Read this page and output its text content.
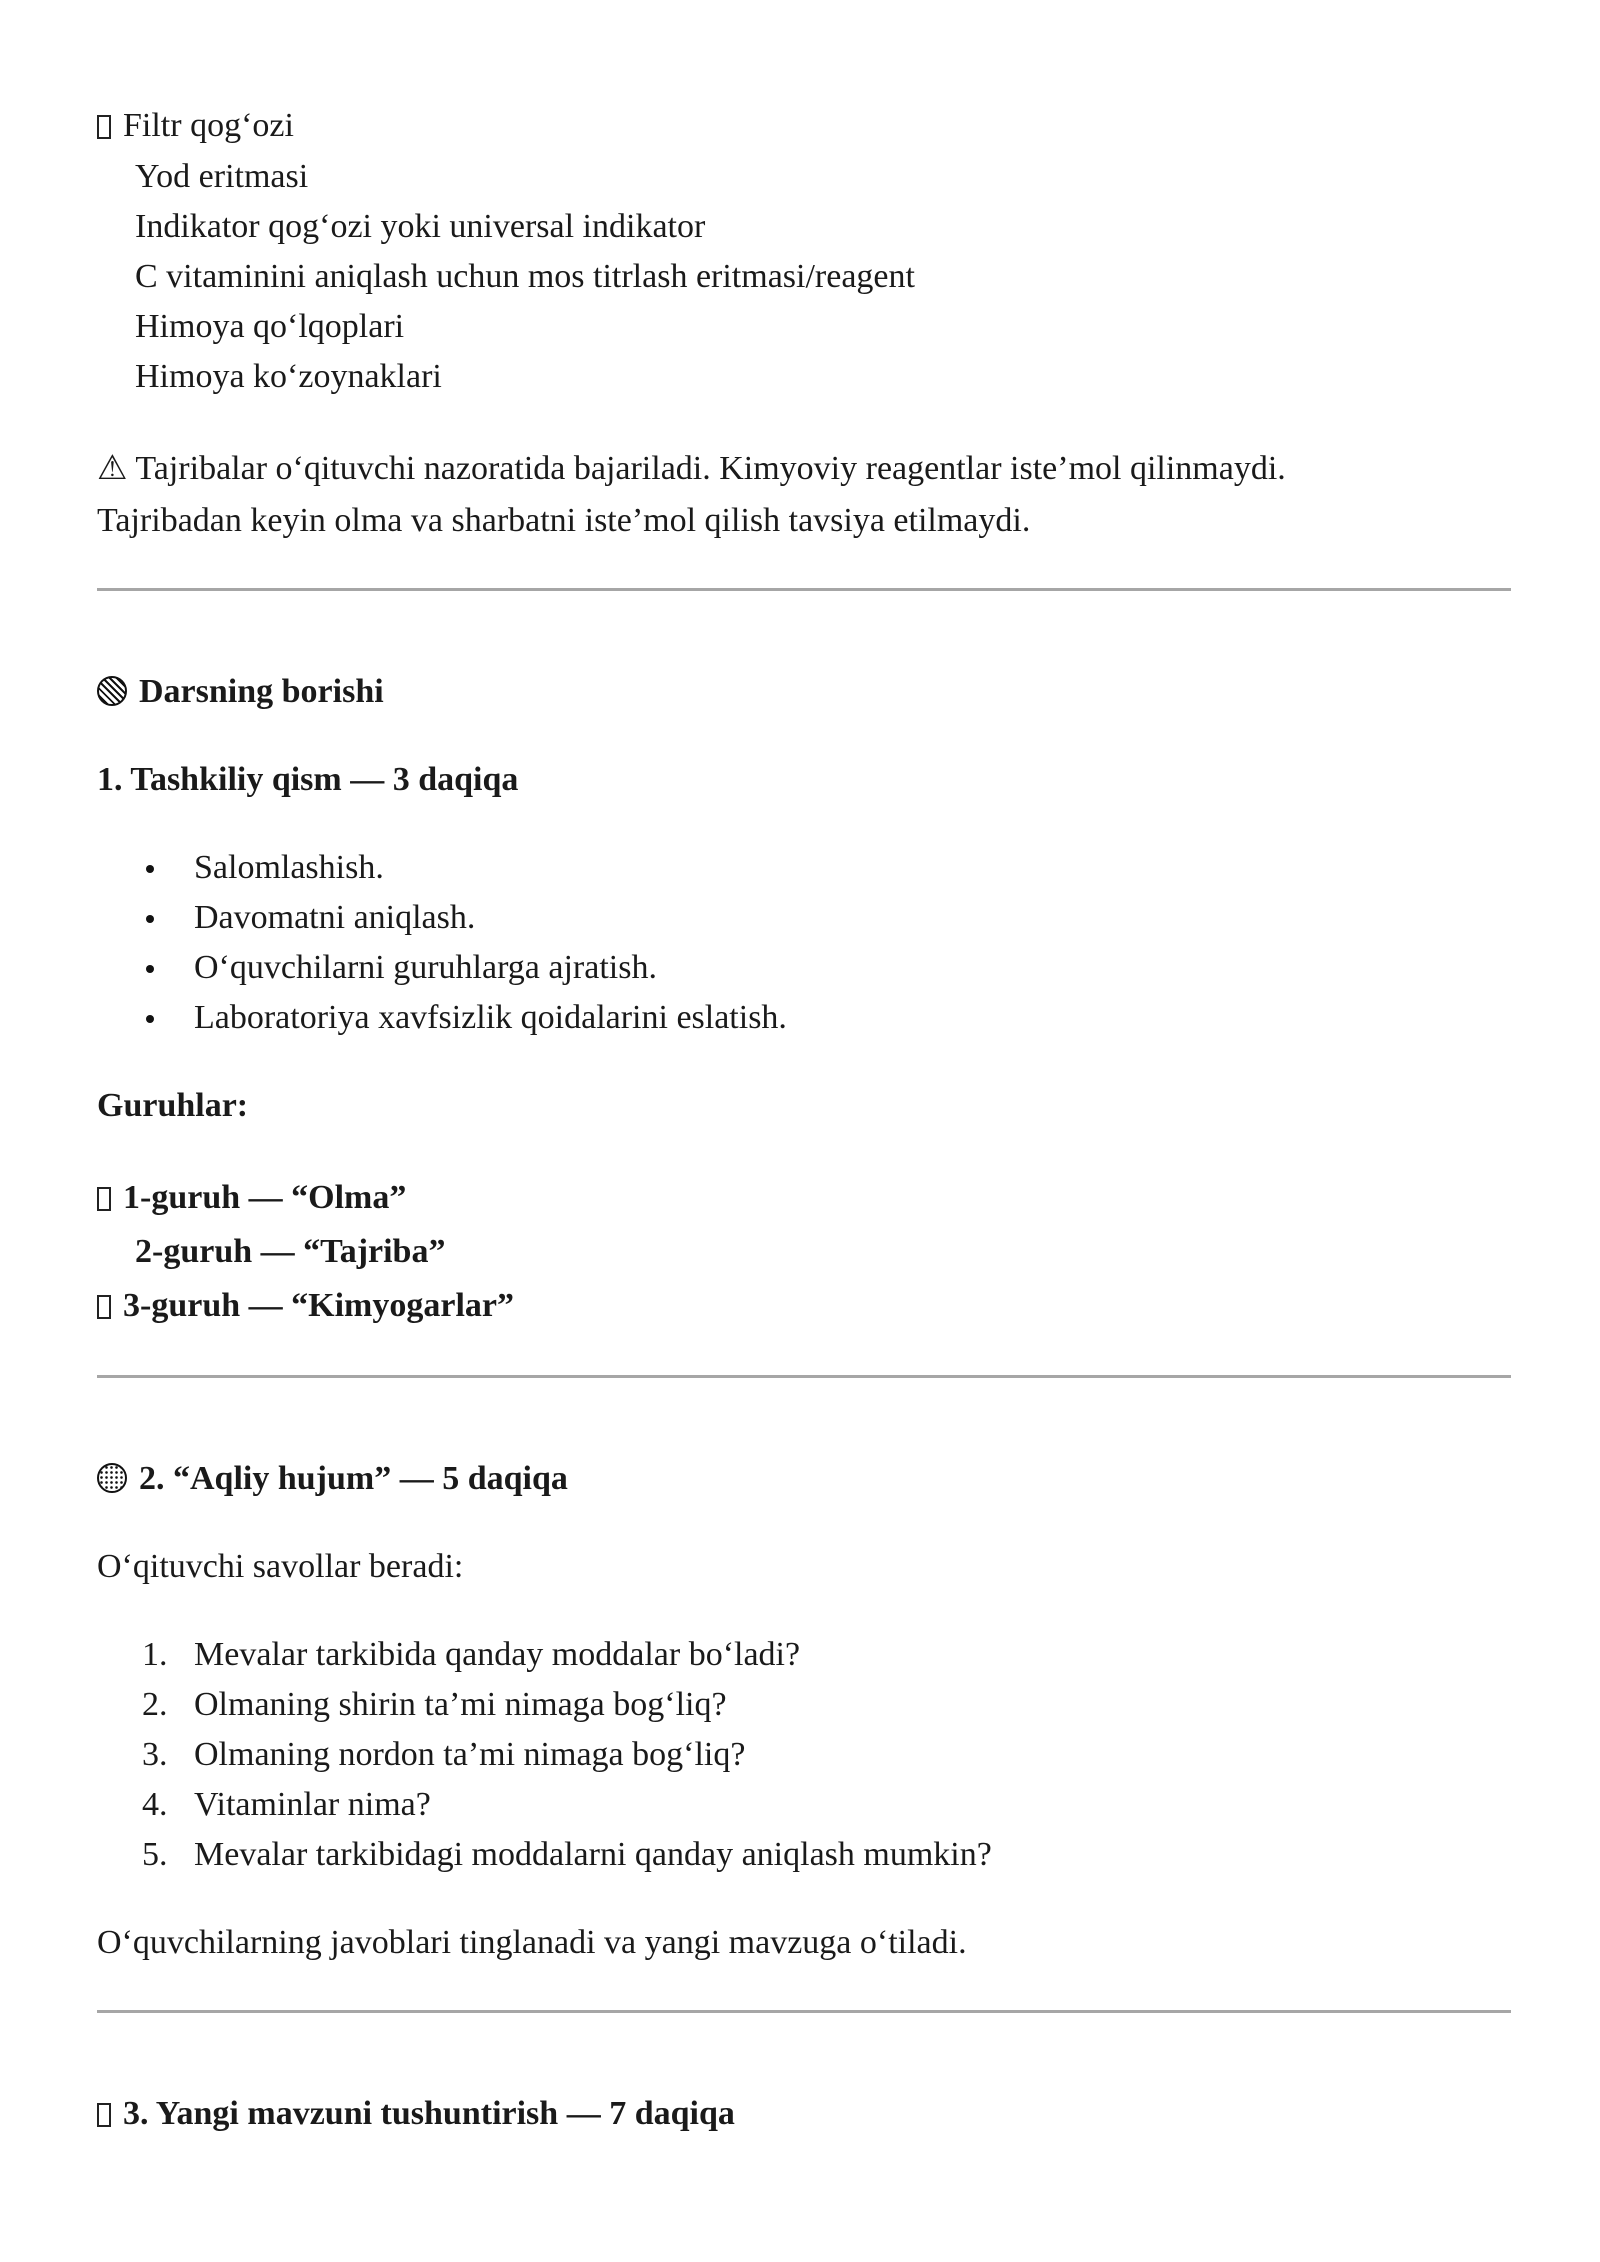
Filtr qog‘ozi
Yod eritmasi
Indikator qog‘ozi yoki universal indikator
C vitaminini aniqlash uchun mos titrlash eritmasi/reagent
Himoya qo‘lqoplari
Himoya ko‘zoynaklari
⚠ Tajribalar o‘qituvchi nazoratida bajariladi. Kimyoviy reagentlar iste’mol qilinmaydi.
Tajribadan keyin olma va sharbatni iste’mol qilish tavsiya etilmaydi.
Darsning borishi
1. Tashkiliy qism — 3 daqiqa
Salomlashish.
Davomatni aniqlash.
O‘quvchilarni guruhlarga ajratish.
Laboratoriya xavfsizlik qoidalarini eslatish.
Guruhlar:
1-guruh — “Olma”
2-guruh — “Tajriba”
3-guruh — “Kimyogarlar”
2. “Aqliy hujum” — 5 daqiqa
O‘qituvchi savollar beradi:
1. Mevalar tarkibida qanday moddalar bo‘ladi?
2. Olmaning shirin ta’mi nimaga bog‘liq?
3. Olmaning nordon ta’mi nimaga bog‘liq?
4. Vitaminlar nima?
5. Mevalar tarkibidagi moddalarni qanday aniqlash mumkin?
O‘quvchilarning javoblari tinglanadi va yangi mavzuga o‘tiladi.
3. Yangi mavzuni tushuntirish — 7 daqiqa
